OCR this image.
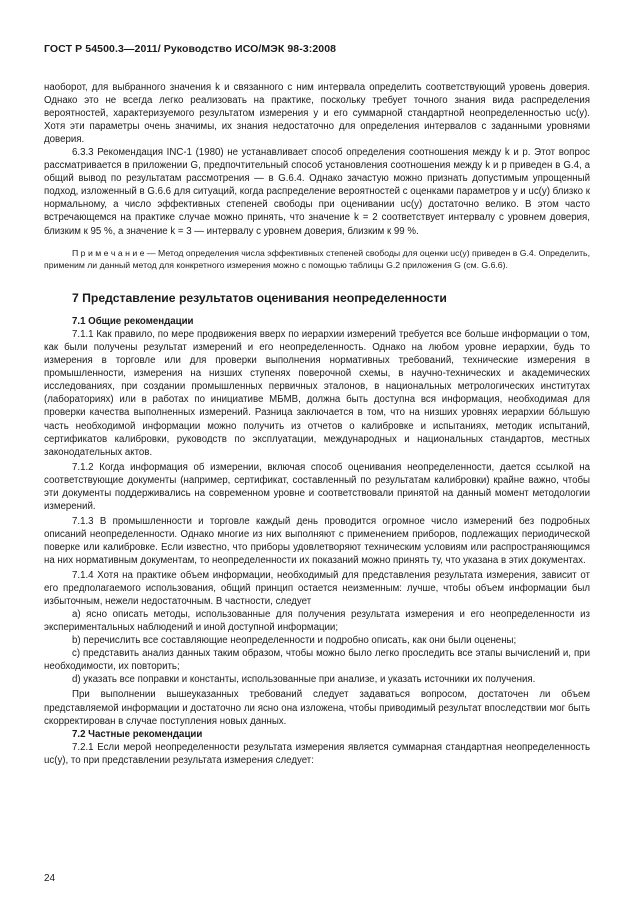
ГОСТ Р 54500.3—2011/ Руководство ИСО/МЭК 98-3:2008

наоборот, для выбранного значения k и связанного с ним интервала определить соответствующий уровень доверия. Однако это не всегда легко реализовать на практике, поскольку требует точного знания вида распределения вероятностей, характеризуемого результатом измерения y и его суммарной стандартной неопределенностью uc(y). Хотя эти параметры очень значимы, их знания недостаточно для определения интервалов с заданными уровнями доверия.

6.3.3 Рекомендация INC-1 (1980) не устанавливает способ определения соотношения между k и p. Этот вопрос рассматривается в приложении G, предпочтительный способ установления соотношения между k и p приведен в G.4, а общий вывод по результатам рассмотрения — в G.6.4. Однако зачастую можно признать допустимым упрощенный подход, изложенный в G.6.6 для ситуаций, когда распределение вероятностей с оценками параметров y и uc(y) близко к нормальному, а число эффективных степеней свободы при оценивании uc(y) достаточно велико. В этом часто встречающемся на практике случае можно принять, что значение k = 2 соответствует интервалу с уровнем доверия, близким к 95 %, а значение k = 3 — интервалу с уровнем доверия, близким к 99 %.

П р и м е ч а н и е — Метод определения числа эффективных степеней свободы для оценки uc(y) приведен в G.4. Определить, применим ли данный метод для конкретного измерения можно с помощью таблицы G.2 приложения G (см. G.6.6).

7 Представление результатов оценивания неопределенности

7.1 Общие рекомендации

7.1.1 Как правило, по мере продвижения вверх по иерархии измерений требуется все больше информации о том, как были получены результат измерений и его неопределенность. Однако на любом уровне иерархии, будь то измерения в торговле или для проверки выполнения нормативных требований, технические измерения в промышленности, измерения на низших ступенях поверочной схемы, в научно-технических и академических исследованиях, при создании промышленных первичных эталонов, в национальных метрологических институтах (лабораториях) или в работах по инициативе МБМВ, должна быть доступна вся информация, необходимая для проверки качества выполненных измерений. Разница заключается в том, что на низших уровнях иерархии бóльшую часть необходимой информации можно получить из отчетов о калибровке и испытаниях, методик испытаний, сертификатов калибровки, руководств по эксплуатации, международных и национальных стандартов, местных законодательных актов.

7.1.2 Когда информация об измерении, включая способ оценивания неопределенности, дается ссылкой на соответствующие документы (например, сертификат, составленный по результатам калибровки) крайне важно, чтобы эти документы поддерживались на современном уровне и соответствовали принятой на данный момент методологии измерений.

7.1.3 В промышленности и торговле каждый день проводится огромное число измерений без подробных описаний неопределенности. Однако многие из них выполняют с применением приборов, подлежащих периодической поверке или калибровке. Если известно, что приборы удовлетворяют техническим условиям или распространяющимся на них нормативным документам, то неопределенности их показаний можно принять ту, что указана в этих документах.

7.1.4 Хотя на практике объем информации, необходимый для представления результата измерения, зависит от его предполагаемого использования, общий принцип остается неизменным: лучше, чтобы объем информации был избыточным, нежели недостаточным. В частности, следует

a) ясно описать методы, использованные для получения результата измерения и его неопределенности из экспериментальных наблюдений и иной доступной информации;

b) перечислить все составляющие неопределенности и подробно описать, как они были оценены;

c) представить анализ данных таким образом, чтобы можно было легко проследить все этапы вычислений и, при необходимости, их повторить;

d) указать все поправки и константы, использованные при анализе, и указать источники их получения.

При выполнении вышеуказанных требований следует задаваться вопросом, достаточен ли объем представляемой информации и достаточно ли ясно она изложена, чтобы приводимый результат впоследствии мог быть скорректирован в случае поступления новых данных.

7.2 Частные рекомендации

7.2.1 Если мерой неопределенности результата измерения является суммарная стандартная неопределенность uc(y), то при представлении результата измерения следует:

24
